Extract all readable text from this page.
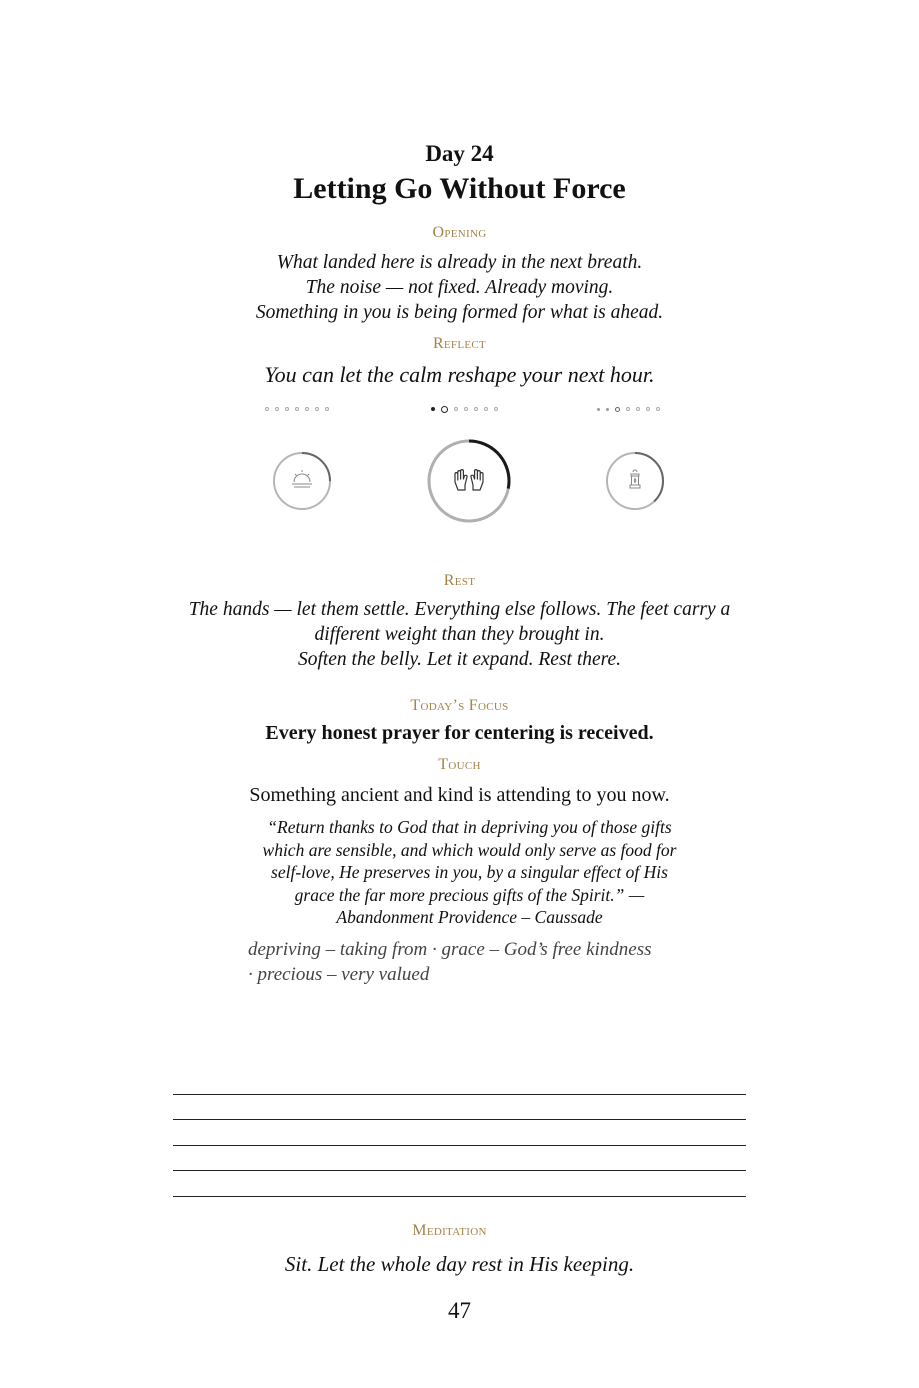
Day 24
Letting Go Without Force
Opening
What landed here is already in the next breath.
The noise — not fixed. Already moving.
Something in you is being formed for what is ahead.
Reflect
You can let the calm reshape your next hour.
Rest
The hands — let them settle. Everything else follows. The feet carry a
different weight than they brought in.
Soften the belly. Let it expand. Rest there.
Today’s Focus
Every honest prayer for centering is received.
Touch
Something ancient and kind is attending to you now.
“Return thanks to God that in depriving you of those gifts
which are sensible, and which would only serve as food for
self-love, He preserves in you, by a singular effect of His
grace the far more precious gifts of the Spirit.” —
Abandonment Providence – Caussade
depriving – taking from · grace – God’s free kindness
· precious – very valued
Meditation
Sit. Let the whole day rest in His keeping.
47
